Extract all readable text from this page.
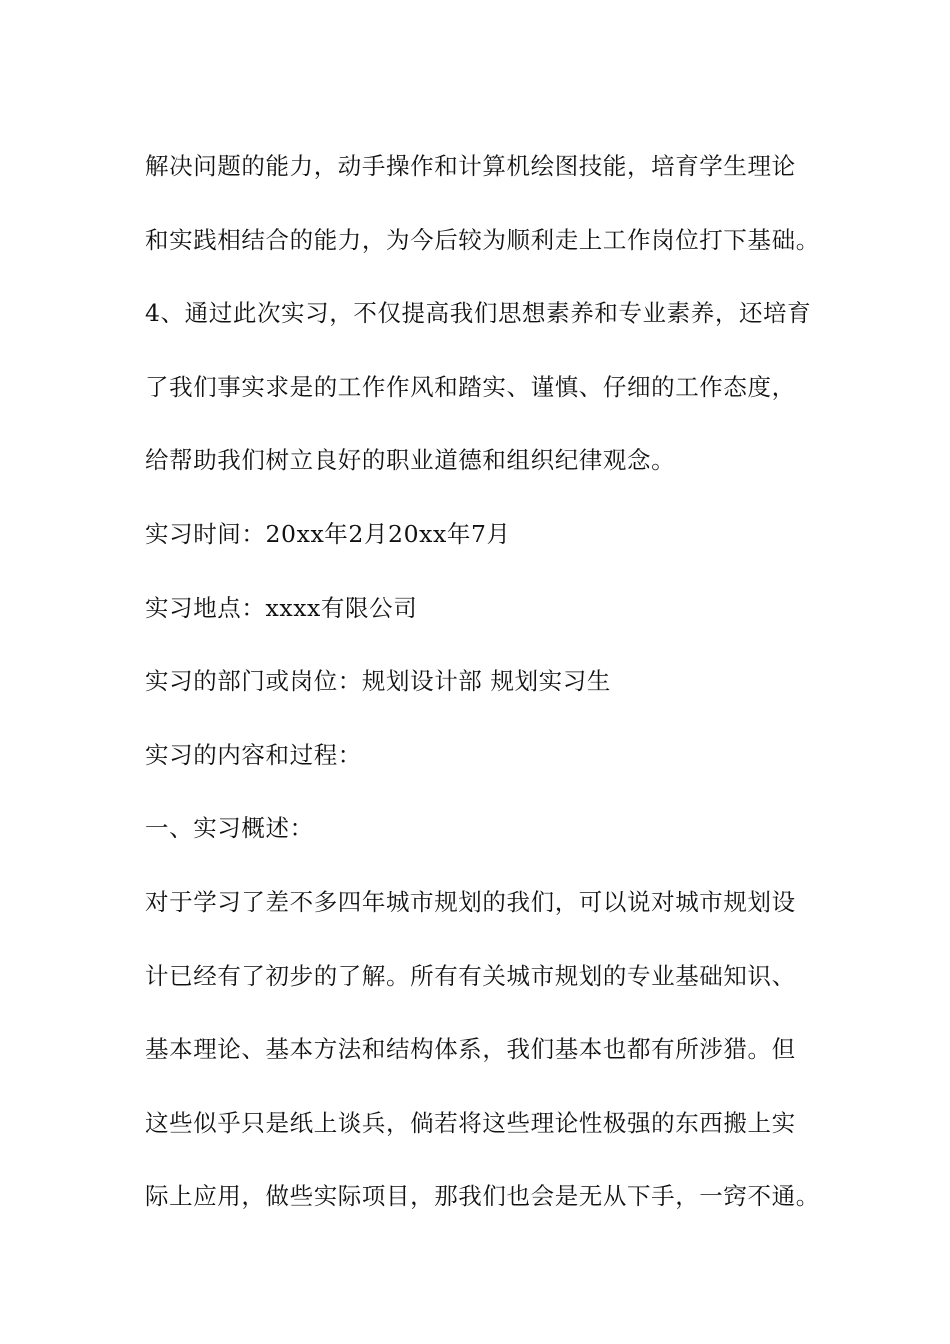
解决问题的能力，动手操作和计算机绘图技能，培育学生理论
和实践相结合的能力，为今后较为顺利走上工作岗位打下基础。
4、通过此次实习，不仅提高我们思想素养和专业素养，还培育
了我们事实求是的工作作风和踏实、谨慎、仔细的工作态度，
给帮助我们树立良好的职业道德和组织纪律观念。
实习时间：20xx年2月20xx年7月
实习地点：xxxx有限公司
实习的部门或岗位：规划设计部 规划实习生
实习的内容和过程：
一、实习概述：
对于学习了差不多四年城市规划的我们，可以说对城市规划设
计已经有了初步的了解。所有有关城市规划的专业基础知识、
基本理论、基本方法和结构体系，我们基本也都有所涉猎。但
这些似乎只是纸上谈兵，倘若将这些理论性极强的东西搬上实
际上应用，做些实际项目，那我们也会是无从下手，一窍不通。
